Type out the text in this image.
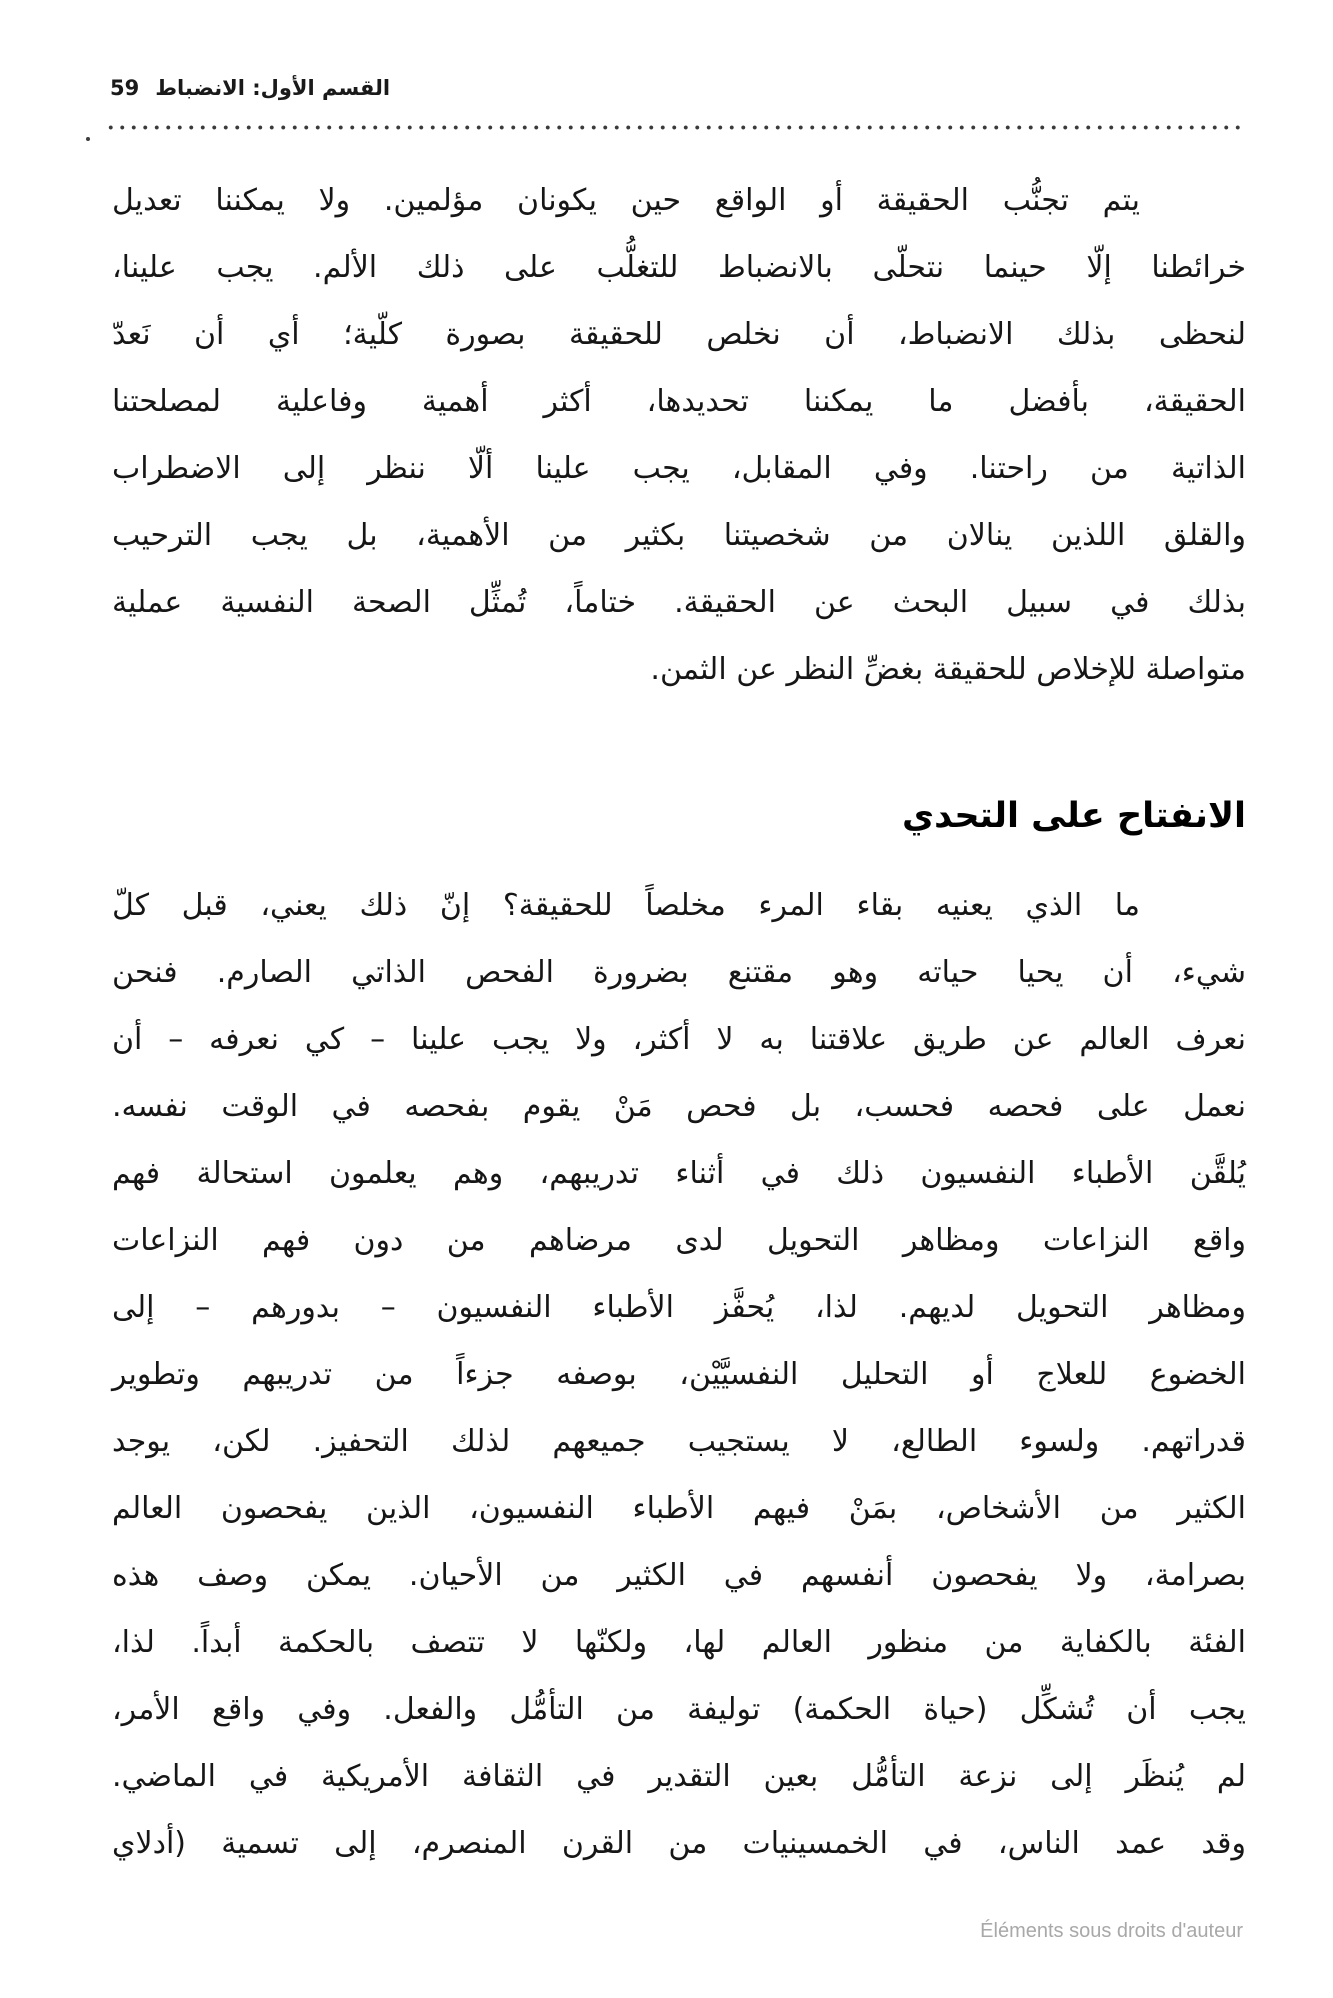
القسم الأول: الانضباط
59
يتم تجنُّب الحقيقة أو الواقع حين يكونان مؤلمين. ولا يمكننا تعديل
خرائطنا إلّا حينما نتحلّى بالانضباط للتغلُّب على ذلك الألم. يجب علينا،
لنحظى بذلك الانضباط، أن نخلص للحقيقة بصورة كلّية؛ أي أن نَعدّ
الحقيقة، بأفضل ما يمكننا تحديدها، أكثر أهمية وفاعلية لمصلحتنا
الذاتية من راحتنا. وفي المقابل، يجب علينا ألّا ننظر إلى الاضطراب
والقلق اللذين ينالان من شخصيتنا بكثير من الأهمية، بل يجب الترحيب
بذلك في سبيل البحث عن الحقيقة. ختاماً، تُمثِّل الصحة النفسية عملية
متواصلة للإخلاص للحقيقة بغضِّ النظر عن الثمن.
الانفتاح على التحدي
ما الذي يعنيه بقاء المرء مخلصاً للحقيقة؟ إنّ ذلك يعني، قبل كلّ
شيء، أن يحيا حياته وهو مقتنع بضرورة الفحص الذاتي الصارم. فنحن
نعرف العالم عن طريق علاقتنا به لا أكثر، ولا يجب علينا – كي نعرفه – أن
نعمل على فحصه فحسب، بل فحص مَنْ يقوم بفحصه في الوقت نفسه.
يُلقَّن الأطباء النفسيون ذلك في أثناء تدريبهم، وهم يعلمون استحالة فهم
واقع النزاعات ومظاهر التحويل لدى مرضاهم من دون فهم النزاعات
ومظاهر التحويل لديهم. لذا، يُحفَّز الأطباء النفسيون – بدورهم – إلى
الخضوع للعلاج أو التحليل النفسيَّيْن، بوصفه جزءاً من تدريبهم وتطوير
قدراتهم. ولسوء الطالع، لا يستجيب جميعهم لذلك التحفيز. لكن، يوجد
الكثير من الأشخاص، بمَنْ فيهم الأطباء النفسيون، الذين يفحصون العالم
بصرامة، ولا يفحصون أنفسهم في الكثير من الأحيان. يمكن وصف هذه
الفئة بالكفاية من منظور العالم لها، ولكنّها لا تتصف بالحكمة أبداً. لذا،
يجب أن تُشكِّل (حياة الحكمة) توليفة من التأمُّل والفعل. وفي واقع الأمر،
لم يُنظَر إلى نزعة التأمُّل بعين التقدير في الثقافة الأمريكية في الماضي.
وقد عمد الناس، في الخمسينيات من القرن المنصرم، إلى تسمية (أدلاي
Éléments sous droits d'auteur
